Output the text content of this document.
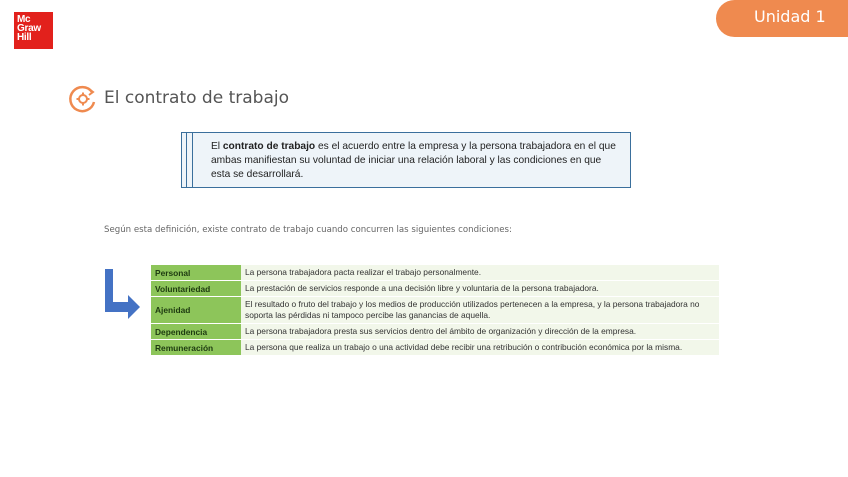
Mc
Graw
Hill
Unidad 1
El contrato de trabajo
El contrato de trabajo es el acuerdo entre la empresa y la persona trabajadora en el que ambas manifiestan su voluntad de iniciar una relación laboral y las condiciones en que esta se desarrollará.
Según esta definición, existe contrato de trabajo cuando concurren las siguientes condiciones:
Personal	La persona trabajadora pacta realizar el trabajo personalmente.
Voluntariedad	La prestación de servicios responde a una decisión libre y voluntaria de la persona trabajadora.
Ajenidad	El resultado o fruto del trabajo y los medios de producción utilizados pertenecen a la empresa, y la persona trabajadora no soporta las pérdidas ni tampoco percibe las ganancias de aquella.
Dependencia	La persona trabajadora presta sus servicios dentro del ámbito de organización y dirección de la empresa.
Remuneración	La persona que realiza un trabajo o una actividad debe recibir una retribución o contribución económica por la misma.
